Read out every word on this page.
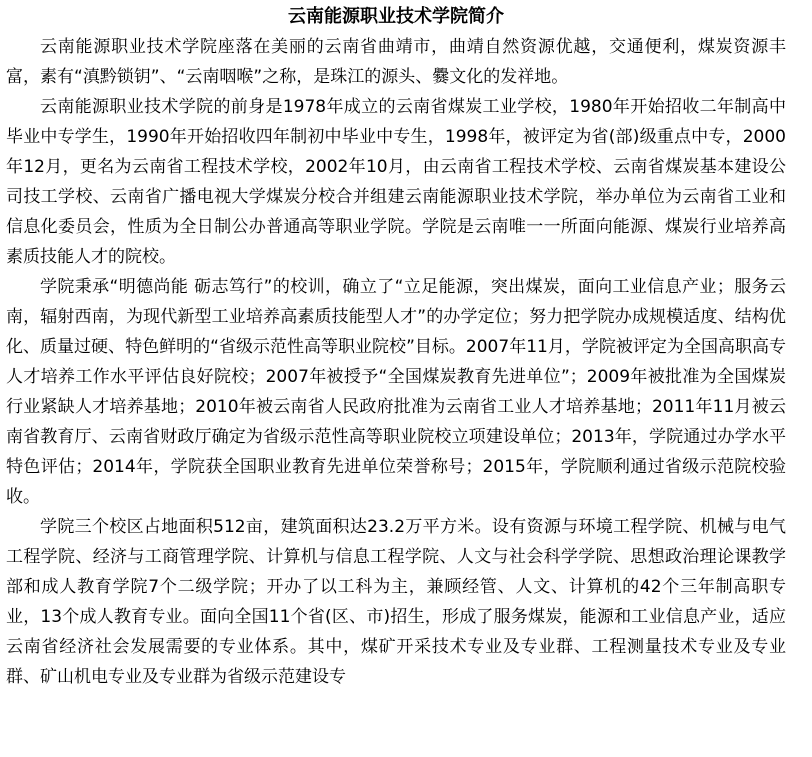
云南能源职业技术学院简介

云南能源职业技术学院座落在美丽的云南省曲靖市，曲靖自然资源优越，交通便利，煤炭资源丰富，素有“滇黔锁钥”、“云南咽喉”之称，是珠江的源头、爨文化的发祥地。

云南能源职业技术学院的前身是1978年成立的云南省煤炭工业学校，1980年开始招收二年制高中毕业中专学生，1990年开始招收四年制初中毕业中专生，1998年，被评定为省(部)级重点中专，2000年12月，更名为云南省工程技术学校，2002年10月，由云南省工程技术学校、云南省煤炭基本建设公司技工学校、云南省广播电视大学煤炭分校合并组建云南能源职业技术学院，举办单位为云南省工业和信息化委员会，性质为全日制公办普通高等职业学院。学院是云南唯一一所面向能源、煤炭行业培养高素质技能人才的院校。

学院秉承“明德尚能 砺志笃行”的校训，确立了“立足能源，突出煤炭，面向工业信息产业；服务云南，辐射西南，为现代新型工业培养高素质技能型人才”的办学定位；努力把学院办成规模适度、结构优化、质量过硬、特色鲜明的“省级示范性高等职业院校”目标。2007年11月，学院被评定为全国高职高专人才培养工作水平评估良好院校；2007年被授予“全国煤炭教育先进单位”；2009年被批准为全国煤炭行业紧缺人才培养基地；2010年被云南省人民政府批准为云南省工业人才培养基地；2011年11月被云南省教育厅、云南省财政厅确定为省级示范性高等职业院校立项建设单位；2013年，学院通过办学水平特色评估；2014年，学院获全国职业教育先进单位荣誉称号；2015年，学院顺利通过省级示范院校验收。

学院三个校区占地面积512亩，建筑面积达23.2万平方米。设有资源与环境工程学院、机械与电气工程学院、经济与工商管理学院、计算机与信息工程学院、人文与社会科学学院、思想政治理论课教学部和成人教育学院7个二级学院；开办了以工科为主，兼顾经管、人文、计算机的42个三年制高职专业，13个成人教育专业。面向全国11个省(区、市)招生，形成了服务煤炭，能源和工业信息产业，适应云南省经济社会发展需要的专业体系。其中，煤矿开采技术专业及专业群、工程测量技术专业及专业群、矿山机电专业及专业群为省级示范建设专
